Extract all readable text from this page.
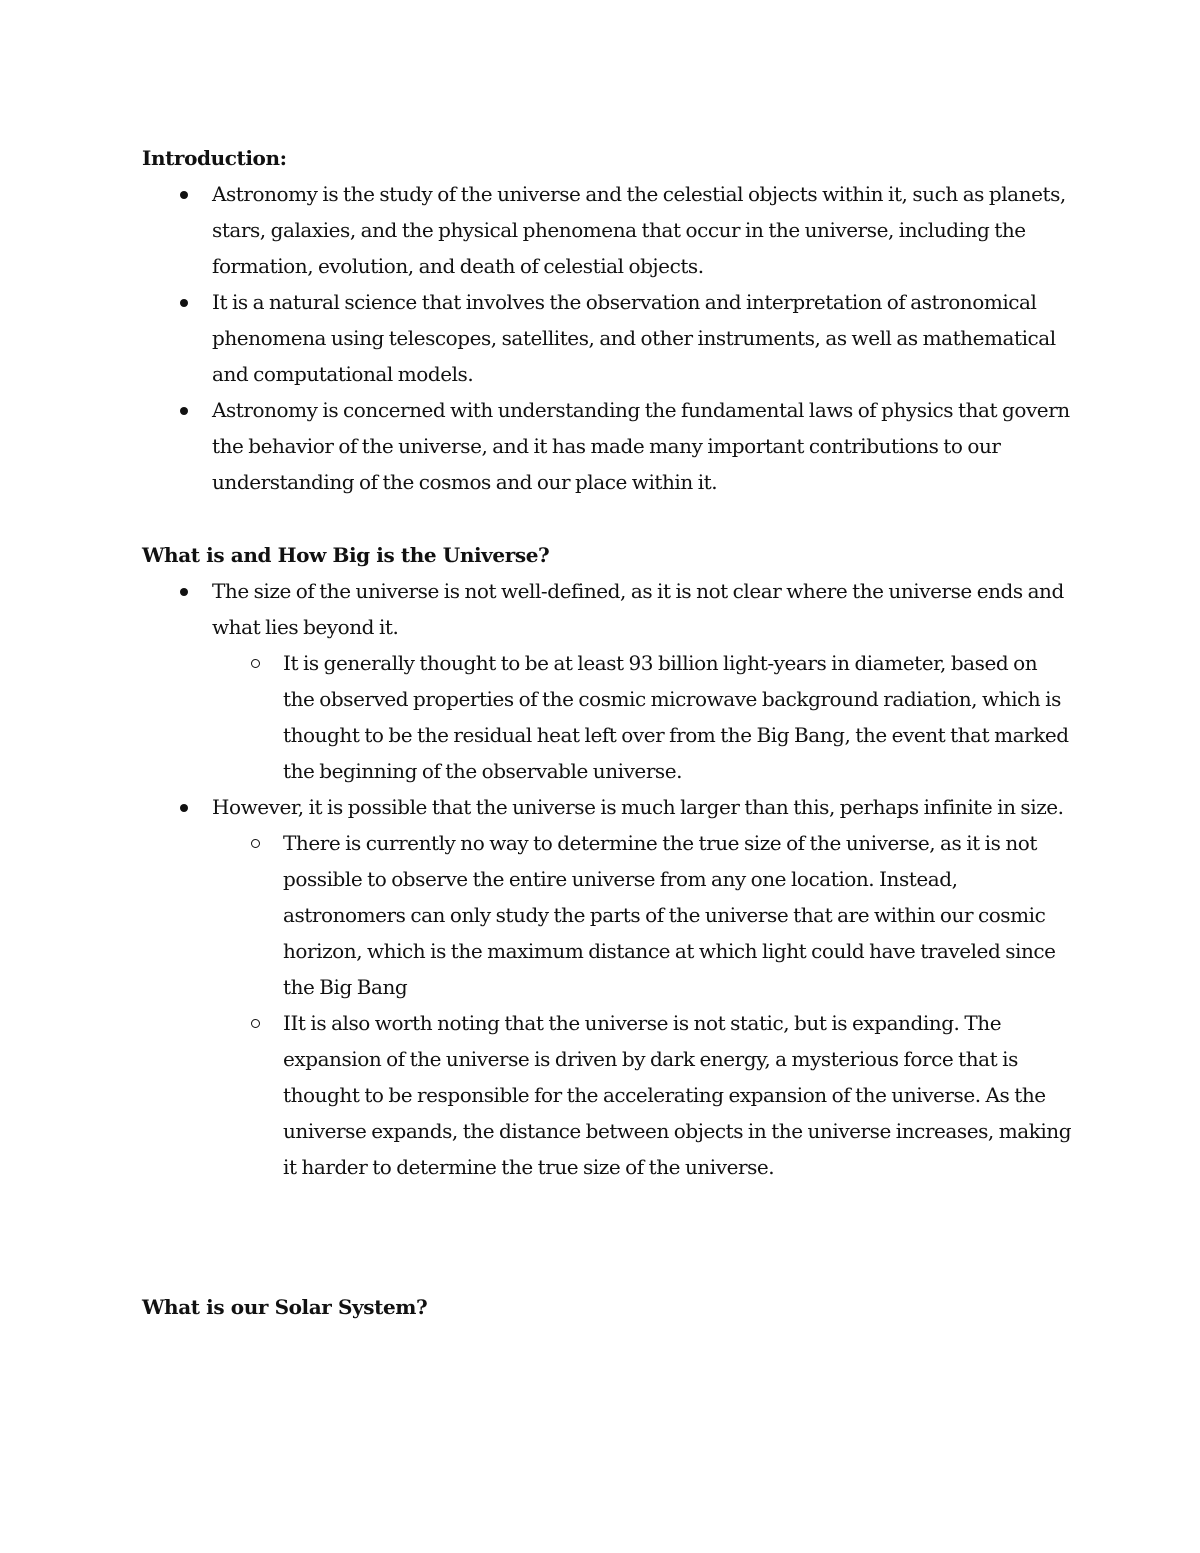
Introduction:
Astronomy is the study of the universe and the celestial objects within it, such as planets, stars, galaxies, and the physical phenomena that occur in the universe, including the formation, evolution, and death of celestial objects.
It is a natural science that involves the observation and interpretation of astronomical phenomena using telescopes, satellites, and other instruments, as well as mathematical and computational models.
Astronomy is concerned with understanding the fundamental laws of physics that govern the behavior of the universe, and it has made many important contributions to our understanding of the cosmos and our place within it.
What is and How Big is the Universe?
The size of the universe is not well-defined, as it is not clear where the universe ends and what lies beyond it.
It is generally thought to be at least 93 billion light-years in diameter, based on the observed properties of the cosmic microwave background radiation, which is thought to be the residual heat left over from the Big Bang, the event that marked the beginning of the observable universe.
However, it is possible that the universe is much larger than this, perhaps infinite in size.
There is currently no way to determine the true size of the universe, as it is not possible to observe the entire universe from any one location. Instead, astronomers can only study the parts of the universe that are within our cosmic horizon, which is the maximum distance at which light could have traveled since the Big Bang
IIt is also worth noting that the universe is not static, but is expanding. The expansion of the universe is driven by dark energy, a mysterious force that is thought to be responsible for the accelerating expansion of the universe. As the universe expands, the distance between objects in the universe increases, making it harder to determine the true size of the universe.
What is our Solar System?
